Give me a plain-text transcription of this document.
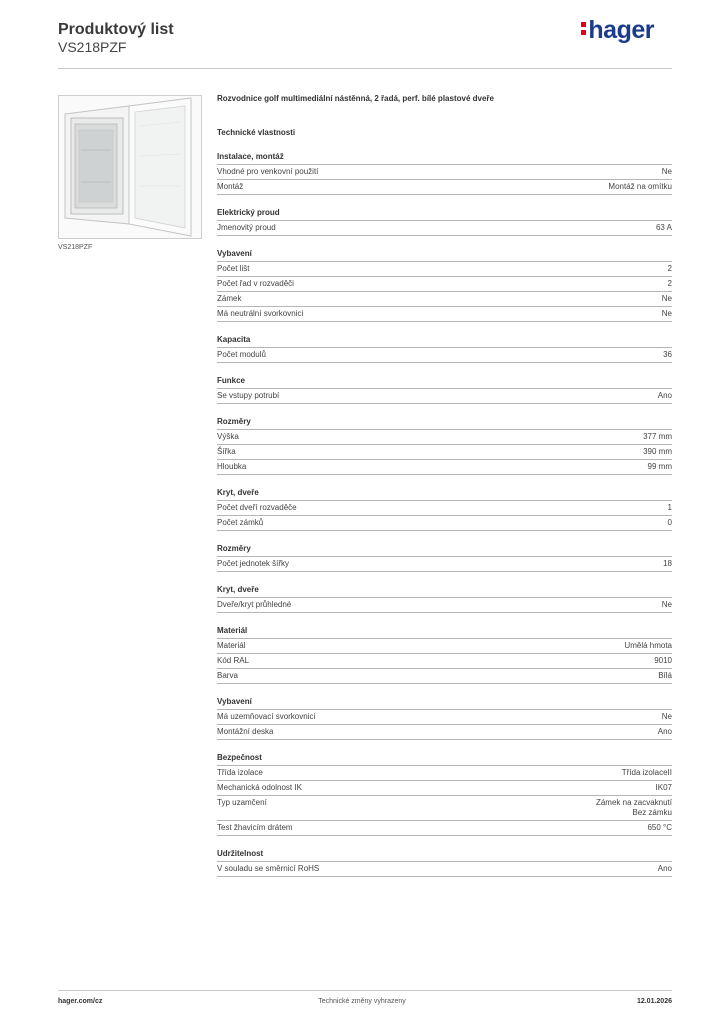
Produktový list
VS218PZF
hager
VS218PZF
Rozvodnice golf multimediální nástěnná, 2 řadá, perf. bílé plastové dveře
Technické vlastnosti
Instalace, montáž
Vhodné pro venkovní použití	Ne
Montáž	Montáž na omítku
Elektrický proud
Jmenovitý proud	63 A
Vybavení
Počet lišt	2
Počet řad v rozvaděči	2
Zámek	Ne
Má neutrální svorkovnici	Ne
Kapacita
Počet modulů	36
Funkce
Se vstupy potrubí	Ano
Rozměry
Výška	377 mm
Šířka	390 mm
Hloubka	99 mm
Kryt, dveře
Počet dveří rozvaděče	1
Počet zámků	0
Rozměry
Počet jednotek šířky	18
Kryt, dveře
Dveře/kryt průhledné	Ne
Materiál
Materiál	Umělá hmota
Kód RAL	9010
Barva	Bílá
Vybavení
Má uzemňovací svorkovnici	Ne
Montážní deska	Ano
Bezpečnost
Třída izolace	Třída izolaceII
Mechanická odolnost IK	IK07
Typ uzamčení	Zámek na zacvaknutí
Bez zámku
Test žhavicím drátem	650 °C
Udržitelnost
V souladu se směrnicí RoHS	Ano
hager.com/cz	Technické změny vyhrazeny	12.01.2026
